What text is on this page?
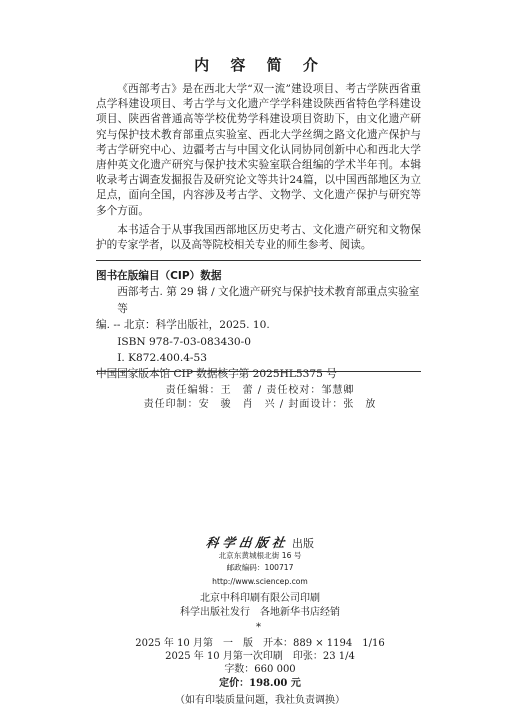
内 容 简 介

《西部考古》是在西北大学“双一流”建设项目、考古学陕西省重点学科建设项目、考古学与文化遗产学学科建设陕西省特色学科建设项目、陕西省普通高等学校优势学科建设项目资助下，由文化遗产研究与保护技术教育部重点实验室、西北大学丝绸之路文化遗产保护与考古学研究中心、边疆考古与中国文化认同协同创新中心和西北大学唐仲英文化遗产研究与保护技术实验室联合组编的学术半年刊。本辑收录考古调查发掘报告及研究论文等共计24篇，以中国西部地区为立足点，面向全国，内容涉及考古学、文物学、文化遗产保护与研究等多个方面。

本书适合于从事我国西部地区历史考古、文化遗产研究和文物保护的专家学者，以及高等院校相关专业的师生参考、阅读。

图书在版编目（CIP）数据
西部考古. 第 29 辑 / 文化遗产研究与保护技术教育部重点实验室等
编. -- 北京：科学出版社，2025. 10.
ISBN 978-7-03-083430-0
Ⅰ. K872.400.4-53
中国国家版本馆 CIP 数据核字第 2025HL5375 号
责任编辑：王　蕾 / 责任校对：邹慧卿
责任印制：安　骏　肖　兴 / 封面设计：张　放
科学出版社 出版
北京东黄城根北街 16 号
邮政编码：100717
http://www.sciencep.com
北京中科印刷有限公司印刷
科学出版社发行　各地新华书店经销
*
2025 年 10 月第　一　版　开本：889 × 1194　1/16
2025 年 10 月第一次印刷　印张：23 1/4
字数：660 000
定价：198.00 元
（如有印装质量问题，我社负责调换）
